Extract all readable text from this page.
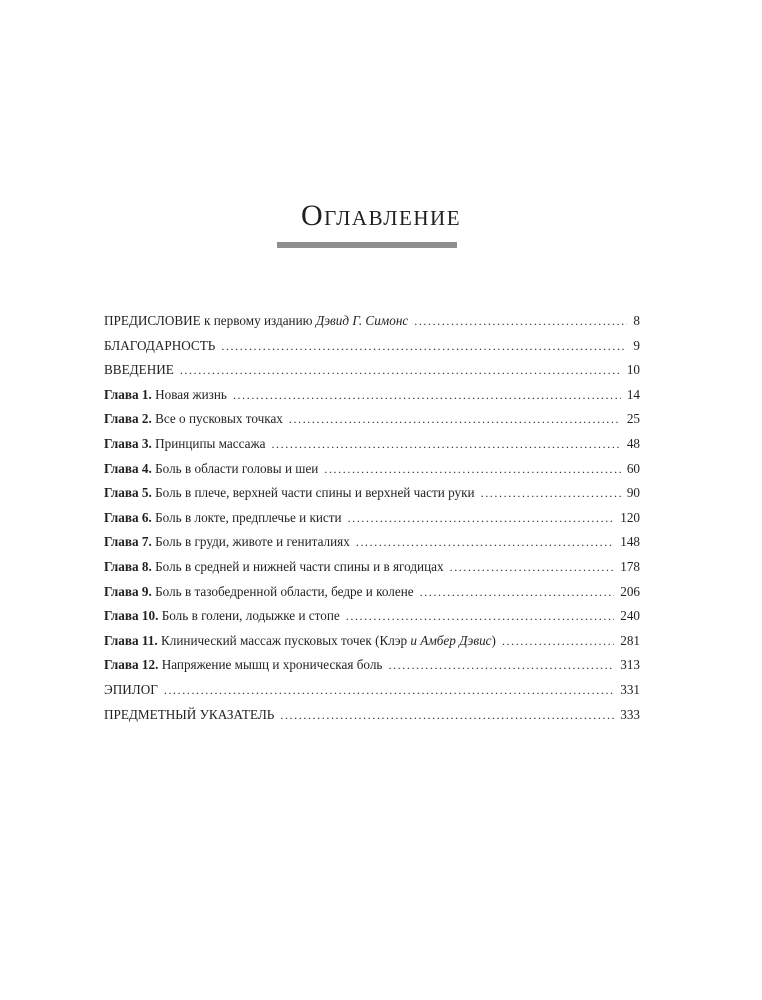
Оглавление
ПРЕДИСЛОВИЕ к первому изданию Дэвид Г. Симонс .....	8
БЛАГОДАРНОСТЬ .....	9
ВВЕДЕНИЕ .....	10
Глава 1. Новая жизнь .....	14
Глава 2. Все о пусковых точках .....	25
Глава 3. Принципы массажа .....	48
Глава 4. Боль в области головы и шеи .....	60
Глава 5. Боль в плече, верхней части спины и верхней части руки .....	90
Глава 6. Боль в локте, предплечье и кисти .....	120
Глава 7. Боль в груди, животе и гениталиях .....	148
Глава 8. Боль в средней и нижней части спины и в ягодицах .....	178
Глава 9. Боль в тазобедренной области, бедре и колене .....	206
Глава 10. Боль в голени, лодыжке и стопе .....	240
Глава 11. Клинический массаж пусковых точек (Клэр и Амбер Дэвис) .....	281
Глава 12. Напряжение мышц и хроническая боль .....	313
ЭПИЛОГ .....	331
ПРЕДМЕТНЫЙ УКАЗАТЕЛЬ .....	333
